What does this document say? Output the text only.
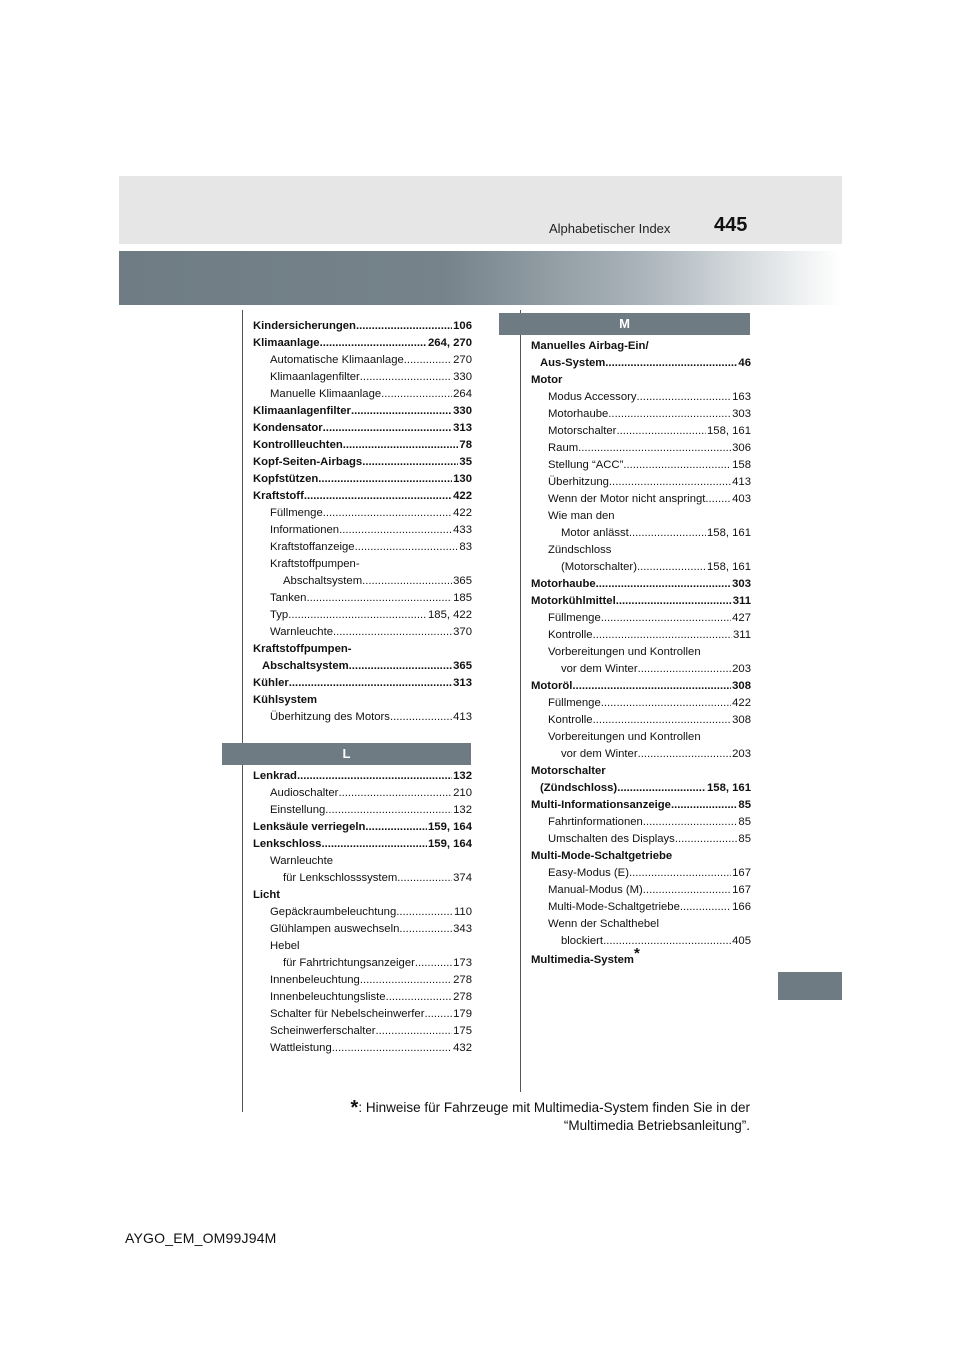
Alphabetischer Index 445
M
L
Kindersicherungen .....	106
Klimaanlage .....	264, 270
Automatische Klimaanlage .....	270
Klimaanlagenfilter .....	330
Manuelle Klimaanlage .....	264
Klimaanlagenfilter .....	330
Kondensator .....	313
Kontrollleuchten .....	78
Kopf-Seiten-Airbags .....	35
Kopfstützen .....	130
Kraftstoff .....	422
Füllmenge .....	422
Informationen .....	433
Kraftstoffanzeige .....	83
Kraftstoffpumpen-
Abschaltsystem .....	365
Tanken .....	185
Typ .....	185, 422
Warnleuchte .....	370
Kraftstoffpumpen-
Abschaltsystem .....	365
Kühler .....	313
Kühlsystem
Überhitzung des Motors .....	413
Lenkrad .....	132
Audioschalter .....	210
Einstellung .....	132
Lenksäule verriegeln .....	159, 164
Lenkschloss .....	159, 164
Warnleuchte
für Lenkschlosssystem .....	374
Licht
Gepäckraumbeleuchtung .....	110
Glühlampen auswechseln .....	343
Hebel
für Fahrtrichtungsanzeiger .....	173
Innenbeleuchtung .....	278
Innenbeleuchtungsliste .....	278
Schalter für Nebelscheinwerfer .....	179
Scheinwerferschalter .....	175
Wattleistung .....	432
Manuelles Airbag-Ein/
Aus-System .....	46
Motor
Modus Accessory .....	163
Motorhaube .....	303
Motorschalter .....	158, 161
Raum .....	306
Stellung “ACC” .....	158
Überhitzung .....	413
Wenn der Motor nicht anspringt ..... 403
Wie man den
Motor anlässt .....	158, 161
Zündschloss
(Motorschalter) .....	158, 161
Motorhaube .....	303
Motorkühlmittel .....	311
Füllmenge .....	427
Kontrolle .....	311
Vorbereitungen und Kontrollen
vor dem Winter .....	203
Motoröl .....	308
Füllmenge .....	422
Kontrolle .....	308
Vorbereitungen und Kontrollen
vor dem Winter .....	203
Motorschalter
(Zündschloss) .....	158, 161
Multi-Informationsanzeige .....	85
Fahrtinformationen .....	85
Umschalten des Displays .....	85
Multi-Mode-Schaltgetriebe
Easy-Modus (E) .....	167
Manual-Modus (M) .....	167
Multi-Mode-Schaltgetriebe .....	166
Wenn der Schalthebel
blockiert .....	405
Multimedia-System*
*: Hinweise für Fahrzeuge mit Multimedia-System finden Sie in der
“Multimedia Betriebsanleitung”.
AYGO_EM_OM99J94M
